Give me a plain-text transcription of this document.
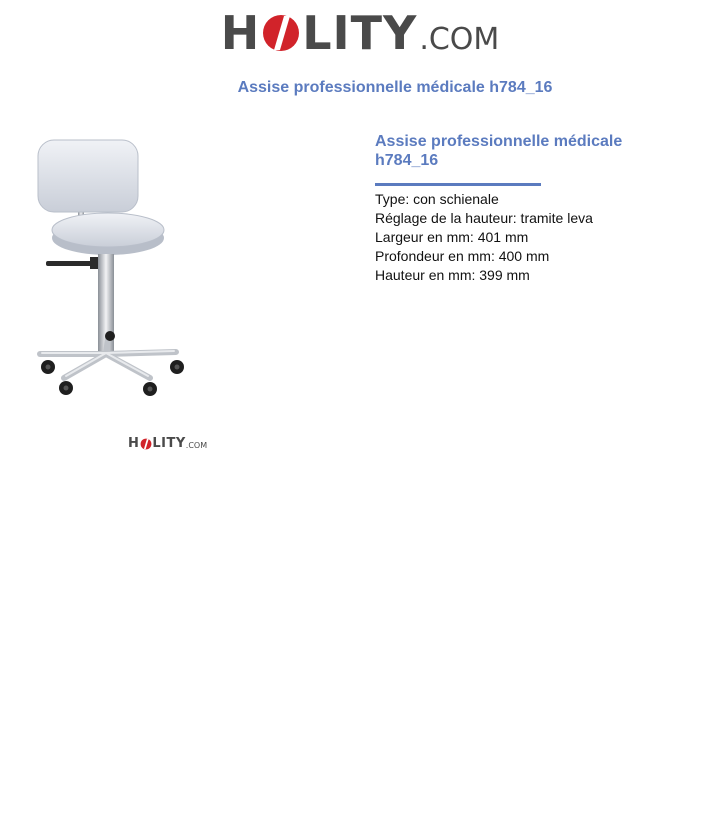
H LITY .COM
Assise professionnelle médicale h784_16
H LITY .COM
Assise professionnelle médicale h784_16
Type: con schienale
Réglage de la hauteur: tramite leva
Largeur en mm: 401 mm
Profondeur en mm: 400 mm
Hauteur en mm: 399 mm
